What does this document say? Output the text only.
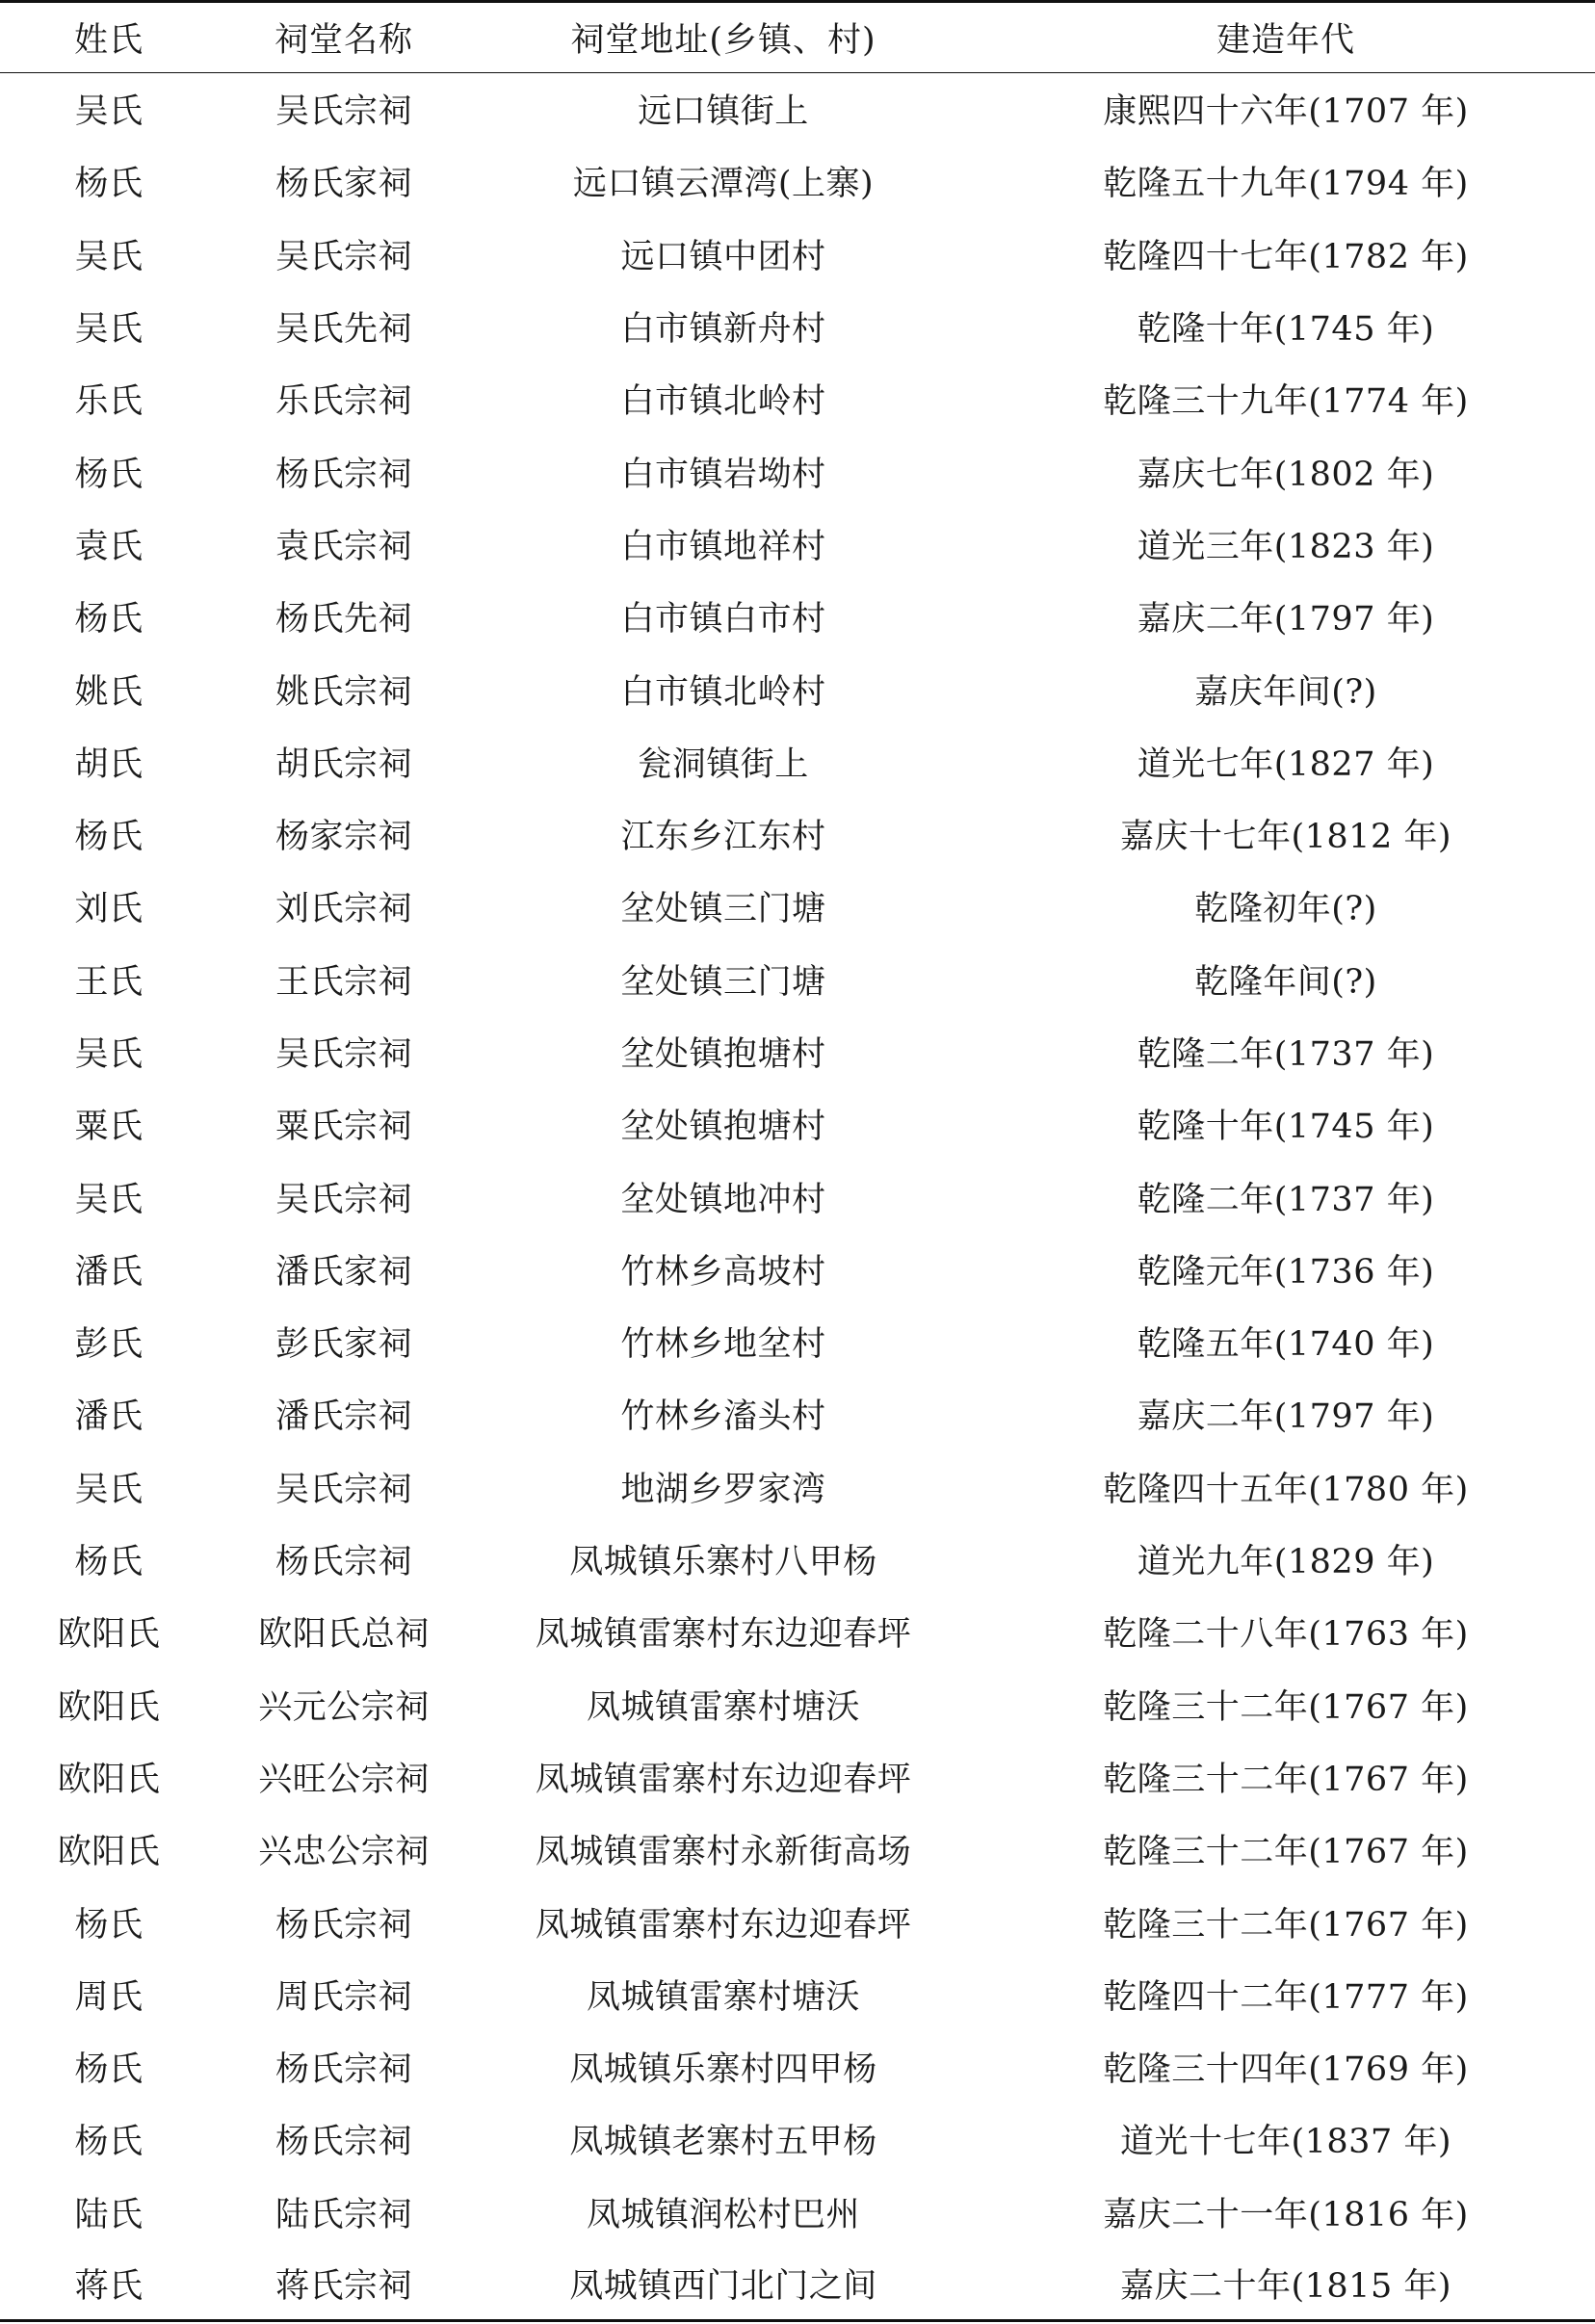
姓氏	祠堂名称	祠堂地址(乡镇、村)	建造年代
吴氏	吴氏宗祠	远口镇街上	康熙四十六年(1707 年)
杨氏	杨氏家祠	远口镇云潭湾(上寨)	乾隆五十九年(1794 年)
吴氏	吴氏宗祠	远口镇中团村	乾隆四十七年(1782 年)
吴氏	吴氏先祠	白市镇新舟村	乾隆十年(1745 年)
乐氏	乐氏宗祠	白市镇北岭村	乾隆三十九年(1774 年)
杨氏	杨氏宗祠	白市镇岩坳村	嘉庆七年(1802 年)
袁氏	袁氏宗祠	白市镇地祥村	道光三年(1823 年)
杨氏	杨氏先祠	白市镇白市村	嘉庆二年(1797 年)
姚氏	姚氏宗祠	白市镇北岭村	嘉庆年间(?)
胡氏	胡氏宗祠	瓮洞镇街上	道光七年(1827 年)
杨氏	杨家宗祠	江东乡江东村	嘉庆十七年(1812 年)
刘氏	刘氏宗祠	坌处镇三门塘	乾隆初年(?)
王氏	王氏宗祠	坌处镇三门塘	乾隆年间(?)
吴氏	吴氏宗祠	坌处镇抱塘村	乾隆二年(1737 年)
粟氏	粟氏宗祠	坌处镇抱塘村	乾隆十年(1745 年)
吴氏	吴氏宗祠	坌处镇地冲村	乾隆二年(1737 年)
潘氏	潘氏家祠	竹林乡高坡村	乾隆元年(1736 年)
彭氏	彭氏家祠	竹林乡地坌村	乾隆五年(1740 年)
潘氏	潘氏宗祠	竹林乡滀头村	嘉庆二年(1797 年)
吴氏	吴氏宗祠	地湖乡罗家湾	乾隆四十五年(1780 年)
杨氏	杨氏宗祠	凤城镇乐寨村八甲杨	道光九年(1829 年)
欧阳氏	欧阳氏总祠	凤城镇雷寨村东边迎春坪	乾隆二十八年(1763 年)
欧阳氏	兴元公宗祠	凤城镇雷寨村塘沃	乾隆三十二年(1767 年)
欧阳氏	兴旺公宗祠	凤城镇雷寨村东边迎春坪	乾隆三十二年(1767 年)
欧阳氏	兴忠公宗祠	凤城镇雷寨村永新街高场	乾隆三十二年(1767 年)
杨氏	杨氏宗祠	凤城镇雷寨村东边迎春坪	乾隆三十二年(1767 年)
周氏	周氏宗祠	凤城镇雷寨村塘沃	乾隆四十二年(1777 年)
杨氏	杨氏宗祠	凤城镇乐寨村四甲杨	乾隆三十四年(1769 年)
杨氏	杨氏宗祠	凤城镇老寨村五甲杨	道光十七年(1837 年)
陆氏	陆氏宗祠	凤城镇润松村巴州	嘉庆二十一年(1816 年)
蒋氏	蒋氏宗祠	凤城镇西门北门之间	嘉庆二十年(1815 年)
